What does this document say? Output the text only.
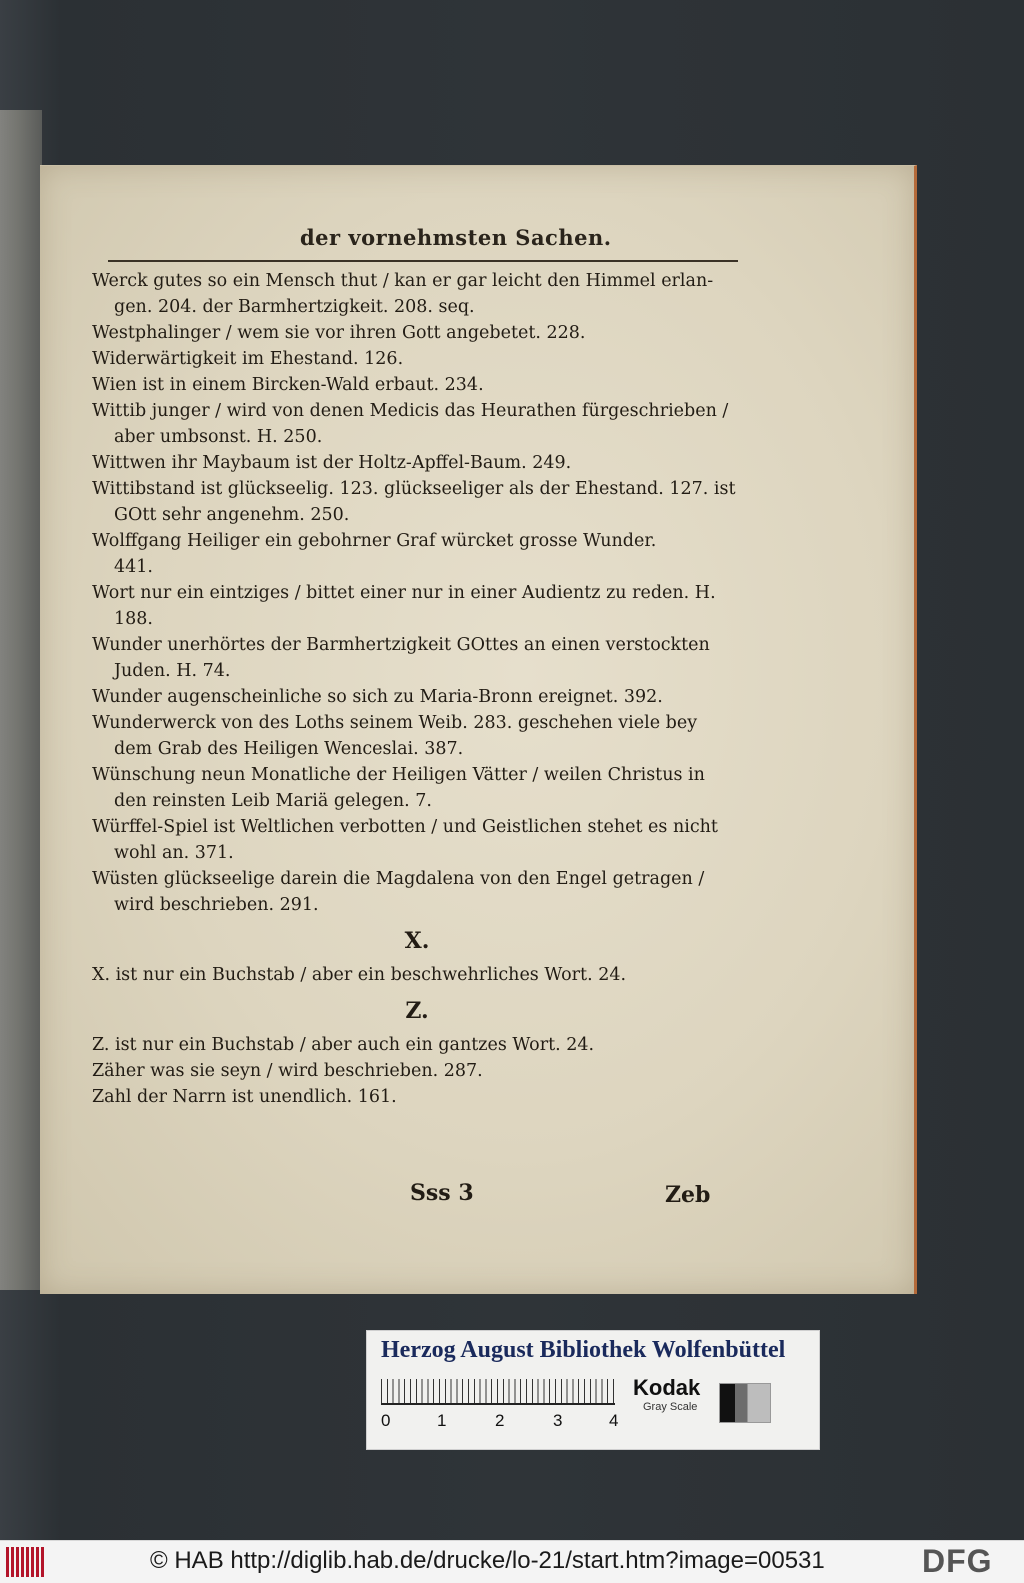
der vornehmsten Sachen.
Werck gutes so ein Mensch thut / kan er gar leicht den Himmel erlan-
gen. 204. der Barmhertzigkeit. 208. seq.
Westphalinger / wem sie vor ihren Gott angebetet. 228.
Widerwärtigkeit im Ehestand. 126.
Wien ist in einem Bircken-Wald erbaut. 234.
Wittib junger / wird von denen Medicis das Heurathen fürgeschrieben /
aber umbsonst. H. 250.
Wittwen ihr Maybaum ist der Holtz-Apffel-Baum. 249.
Wittibstand ist glückseelig. 123. glückseeliger als der Ehestand. 127. ist
GOtt sehr angenehm. 250.
Wolffgang Heiliger ein gebohrner Graf würcket grosse Wunder.
441.
Wort nur ein eintziges / bittet einer nur in einer Audientz zu reden. H.
188.
Wunder unerhörtes der Barmhertzigkeit GOttes an einen verstockten
Juden. H. 74.
Wunder augenscheinliche so sich zu Maria-Bronn ereignet. 392.
Wunderwerck von des Loths seinem Weib. 283. geschehen viele bey
dem Grab des Heiligen Wenceslai. 387.
Wünschung neun Monatliche der Heiligen Vätter / weilen Christus in
den reinsten Leib Mariä gelegen. 7.
Würffel-Spiel ist Weltlichen verbotten / und Geistlichen stehet es nicht
wohl an. 371.
Wüsten glückseelige darein die Magdalena von den Engel getragen /
wird beschrieben. 291.
X.
X. ist nur ein Buchstab / aber ein beschwehrliches Wort. 24.
Z.
Z. ist nur ein Buchstab / aber auch ein gantzes Wort. 24.
Zäher was sie seyn / wird beschrieben. 287.
Zahl der Narrn ist unendlich. 161.
Sss 3	Zeb
Herzog August Bibliothek Wolfenbüttel
0	1	2	3	4
Kodak
Gray Scale
© HAB http://diglib.hab.de/drucke/lo-21/start.htm?image=00531	DFG
